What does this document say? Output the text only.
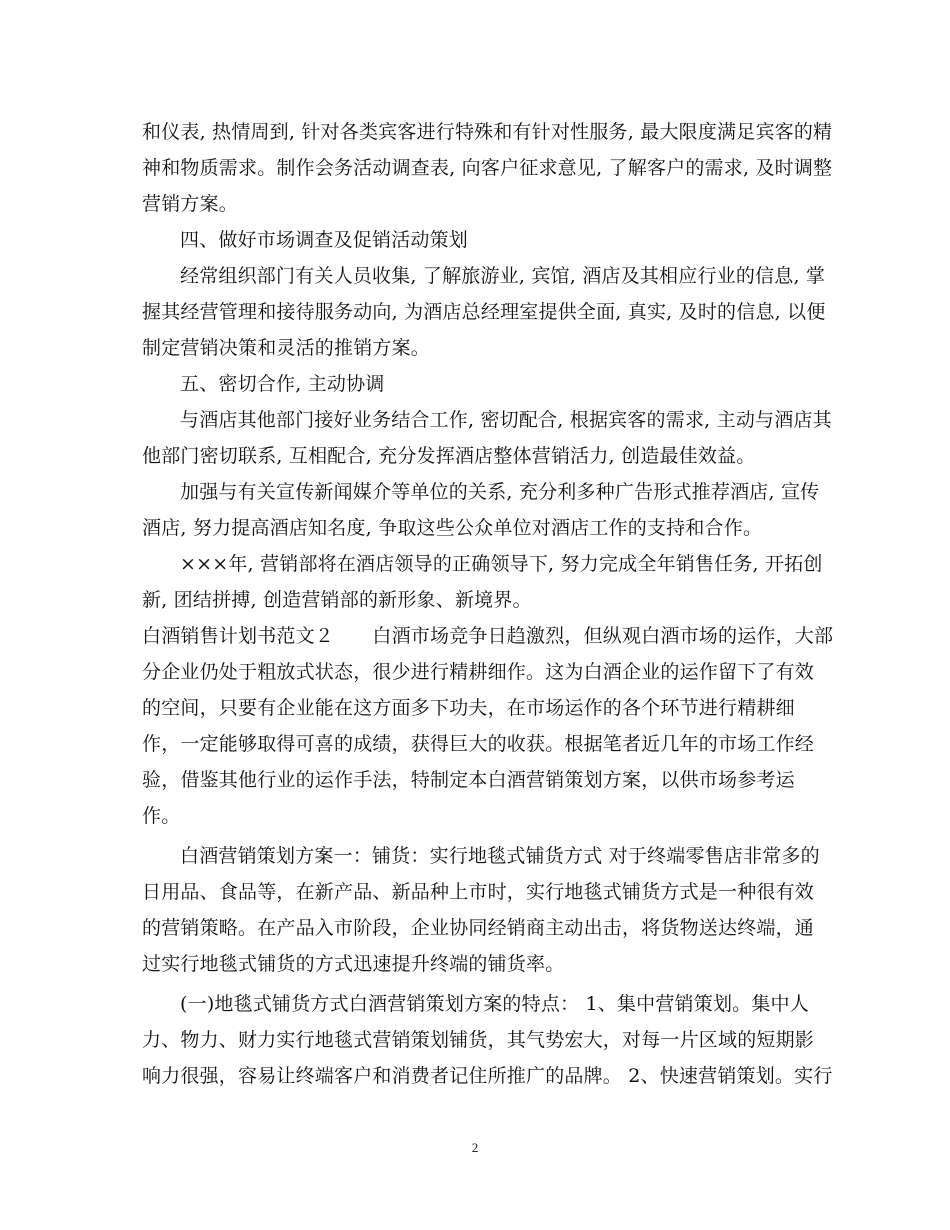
和仪表, 热情周到, 针对各类宾客进行特殊和有针对性服务, 最大限度满足宾客的精
神和物质需求。制作会务活动调查表, 向客户征求意见, 了解客户的需求, 及时调整
营销方案。
四、做好市场调查及促销活动策划
经常组织部门有关人员收集, 了解旅游业, 宾馆, 酒店及其相应行业的信息, 掌
握其经营管理和接待服务动向, 为酒店总经理室提供全面, 真实, 及时的信息, 以便
制定营销决策和灵活的推销方案。
五、密切合作, 主动协调
与酒店其他部门接好业务结合工作, 密切配合, 根据宾客的需求, 主动与酒店其
他部门密切联系, 互相配合, 充分发挥酒店整体营销活力, 创造最佳效益。
加强与有关宣传新闻媒介等单位的关系, 充分利多种广告形式推荐酒店, 宣传
酒店, 努力提高酒店知名度, 争取这些公众单位对酒店工作的支持和合作。
×××年, 营销部将在酒店领导的正确领导下, 努力完成全年销售任务, 开拓创
新, 团结拼搏, 创造营销部的新形象、新境界。
白酒销售计划书范文２　　白酒市场竞争日趋激烈，但纵观白酒市场的运作，大部
分企业仍处于粗放式状态，很少进行精耕细作。这为白酒企业的运作留下了有效
的空间，只要有企业能在这方面多下功夫，在市场运作的各个环节进行精耕细
作，一定能够取得可喜的成绩，获得巨大的收获。根据笔者近几年的市场工作经
验，借鉴其他行业的运作手法，特制定本白酒营销策划方案，以供市场参考运
作。
白酒营销策划方案一：铺货：实行地毯式铺货方式 对于终端零售店非常多的
日用品、食品等，在新产品、新品种上市时，实行地毯式铺货方式是一种很有效
的营销策略。在产品入市阶段，企业协同经销商主动出击，将货物送达终端，通
过实行地毯式铺货的方式迅速提升终端的铺货率。
(一)地毯式铺货方式白酒营销策划方案的特点： 1、集中营销策划。集中人
力、物力、财力实行地毯式营销策划铺货，其气势宏大，对每一片区域的短期影
响力很强，容易让终端客户和消费者记住所推广的品牌。 2、快速营销策划。实行
2
